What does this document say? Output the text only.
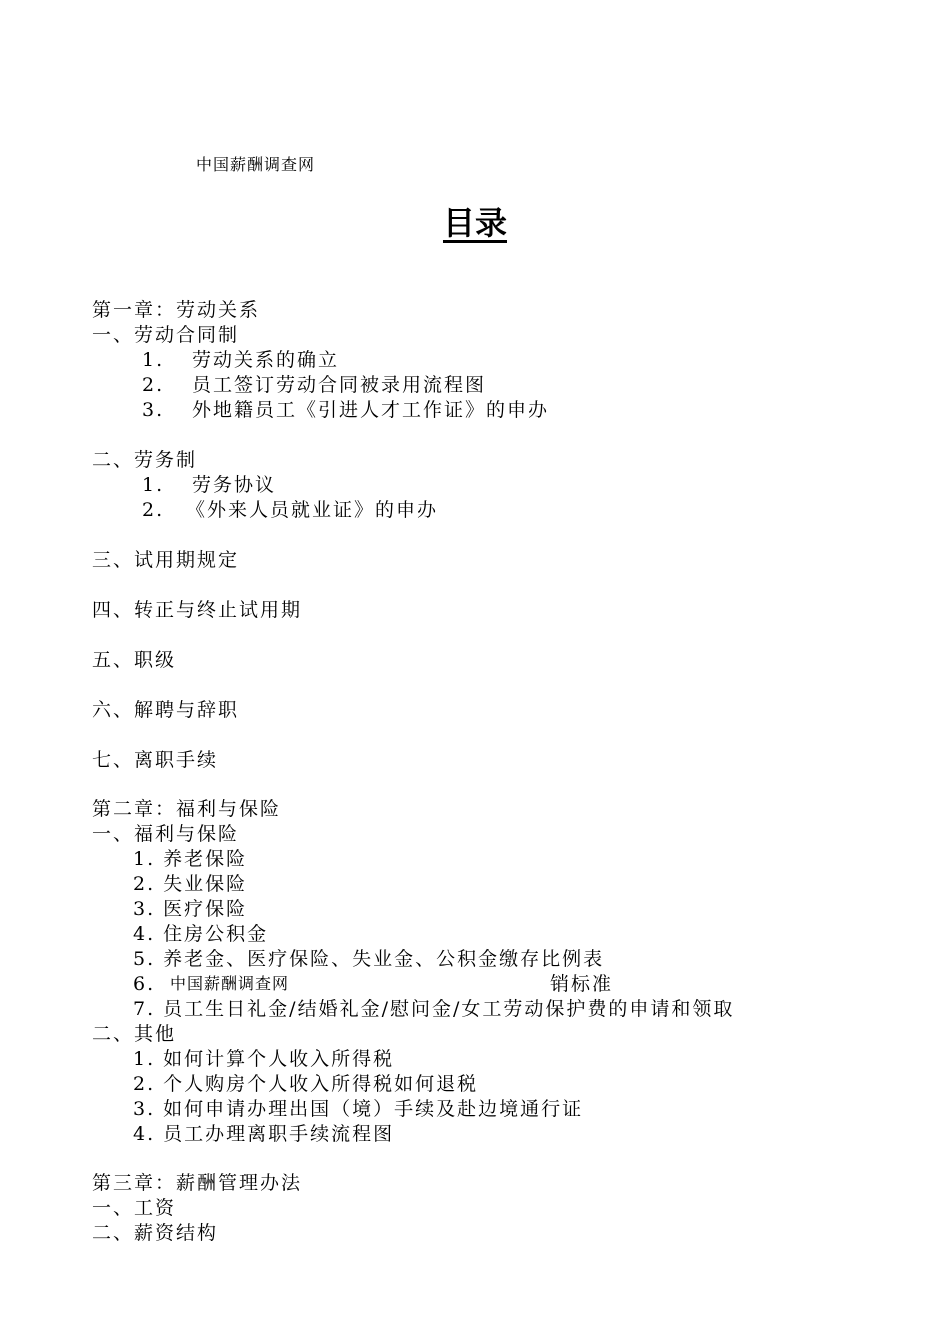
中国薪酬调查网
目录
第一章：劳动关系
一、劳动合同制
1. 劳动关系的确立
2. 员工签订劳动合同被录用流程图
3. 外地籍员工《引进人才工作证》的申办
二、劳务制
1. 劳务协议
2. 《外来人员就业证》的申办
三、试用期规定
四、转正与终止试用期
五、职级
六、解聘与辞职
七、离职手续
第二章：福利与保险
一、福利与保险
1. 养老保险
2. 失业保险
3. 医疗保险
4. 住房公积金
5. 养老金、医疗保险、失业金、公积金缴存比例表
6.	销标准
7. 员工生日礼金/结婚礼金/慰问金/女工劳动保护费的申请和领取
中国薪酬调查网
二、其他
1. 如何计算个人收入所得税
2. 个人购房个人收入所得税如何退税
3. 如何申请办理出国（境）手续及赴边境通行证
4. 员工办理离职手续流程图
第三章：薪酬管理办法
一、工资
二、薪资结构
